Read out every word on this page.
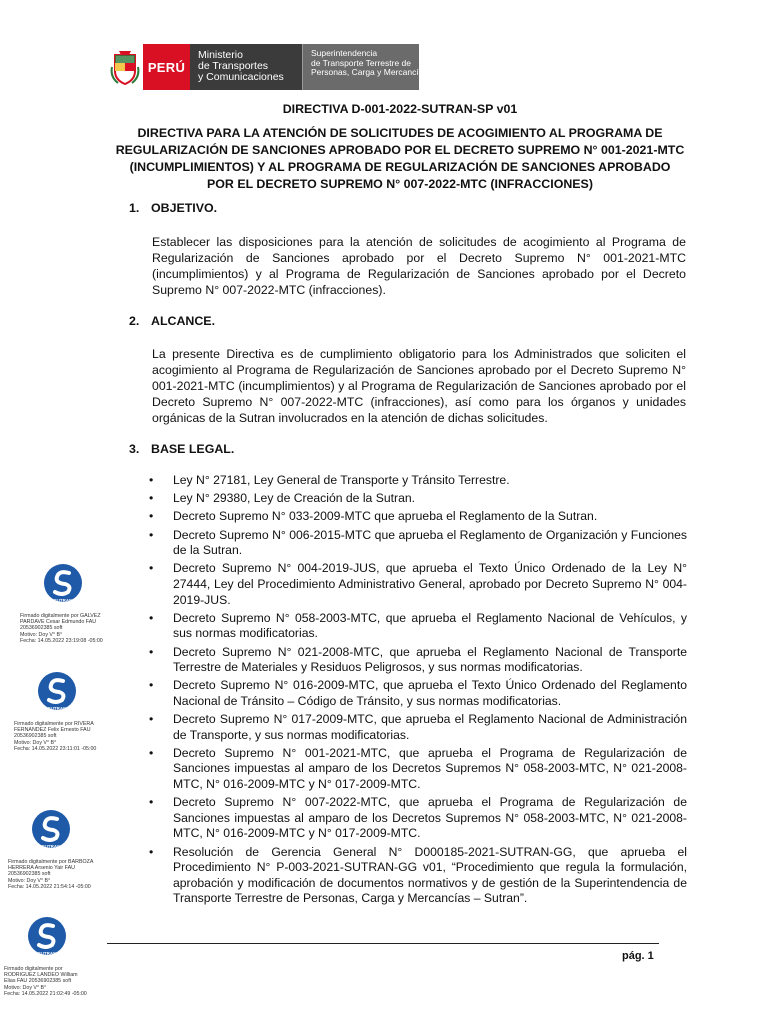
PERÚ
Ministerio
de Transportes
y Comunicaciones
Superintendencia
de Transporte Terrestre de
Personas, Carga y Mercancías
DIRECTIVA D-001-2022-SUTRAN-SP v01
DIRECTIVA PARA LA ATENCIÓN DE SOLICITUDES DE ACOGIMIENTO AL PROGRAMA DE
REGULARIZACIÓN DE SANCIONES APROBADO POR EL DECRETO SUPREMO N° 001-2021-MTC
(INCUMPLIMIENTOS) Y AL PROGRAMA DE REGULARIZACIÓN DE SANCIONES APROBADO
POR EL DECRETO SUPREMO N° 007-2022-MTC (INFRACCIONES)
1. OBJETIVO.
Establecer las disposiciones para la atención de solicitudes de acogimiento al Programa de Regularización de Sanciones aprobado por el Decreto Supremo N° 001-2021-MTC (incumplimientos) y al Programa de Regularización de Sanciones aprobado por el Decreto Supremo N° 007-2022-MTC (infracciones).
2. ALCANCE.
La presente Directiva es de cumplimiento obligatorio para los Administrados que soliciten el acogimiento al Programa de Regularización de Sanciones aprobado por el Decreto Supremo N° 001-2021-MTC (incumplimientos) y al Programa de Regularización de Sanciones aprobado por el Decreto Supremo N° 007-2022-MTC (infracciones), así como para los órganos y unidades orgánicas de la Sutran involucrados en la atención de dichas solicitudes.
3. BASE LEGAL.
• Ley N° 27181, Ley General de Transporte y Tránsito Terrestre.
• Ley N° 29380, Ley de Creación de la Sutran.
• Decreto Supremo N° 033-2009-MTC que aprueba el Reglamento de la Sutran.
• Decreto Supremo N° 006-2015-MTC que aprueba el Reglamento de Organización y Funciones de la Sutran.
• Decreto Supremo N° 004-2019-JUS, que aprueba el Texto Único Ordenado de la Ley N° 27444, Ley del Procedimiento Administrativo General, aprobado por Decreto Supremo N° 004-2019-JUS.
• Decreto Supremo N° 058-2003-MTC, que aprueba el Reglamento Nacional de Vehículos, y sus normas modificatorias.
• Decreto Supremo N° 021-2008-MTC, que aprueba el Reglamento Nacional de Transporte Terrestre de Materiales y Residuos Peligrosos, y sus normas modificatorias.
• Decreto Supremo N° 016-2009-MTC, que aprueba el Texto Único Ordenado del Reglamento Nacional de Tránsito – Código de Tránsito, y sus normas modificatorias.
• Decreto Supremo N° 017-2009-MTC, que aprueba el Reglamento Nacional de Administración de Transporte, y sus normas modificatorias.
• Decreto Supremo N° 001-2021-MTC, que aprueba el Programa de Regularización de Sanciones impuestas al amparo de los Decretos Supremos N° 058-2003-MTC, N° 021-2008-MTC, N° 016-2009-MTC y N° 017-2009-MTC.
• Decreto Supremo N° 007-2022-MTC, que aprueba el Programa de Regularización de Sanciones impuestas al amparo de los Decretos Supremos N° 058-2003-MTC, N° 021-2008-MTC, N° 016-2009-MTC y N° 017-2009-MTC.
• Resolución de Gerencia General N° D000185-2021-SUTRAN-GG, que aprueba el Procedimiento N° P-003-2021-SUTRAN-GG v01, “Procedimiento que regula la formulación, aprobación y modificación de documentos normativos y de gestión de la Superintendencia de Transporte Terrestre de Personas, Carga y Mercancías – Sutran”.
SUTRAN
Firmado digitalmente por GALVEZ
PARDAVE Cesar Edmundo FAU
20536902385 soft
Motivo: Doy V° B°
Fecha: 14.05.2022 23:19:08 -05:00
SUTRAN
Firmado digitalmente por RIVERA
FERNANDEZ Felix Ernesto FAU
20536902385 soft
Motivo: Doy V° B°
Fecha: 14.05.2022 23:11:01 -05:00
SUTRAN
Firmado digitalmente por BARBOZA
HERRERA Arsenio Yair FAU
20536902385 soft
Motivo: Doy V° B°
Fecha: 14.05.2022 21:54:14 -05:00
SUTRAN
Firmado digitalmente por
RODRIGUEZ LANDEO William
Elias FAU 20536902385 soft
Motivo: Doy V° B°
Fecha: 14.05.2022 21:02:49 -05:00
pág. 1
